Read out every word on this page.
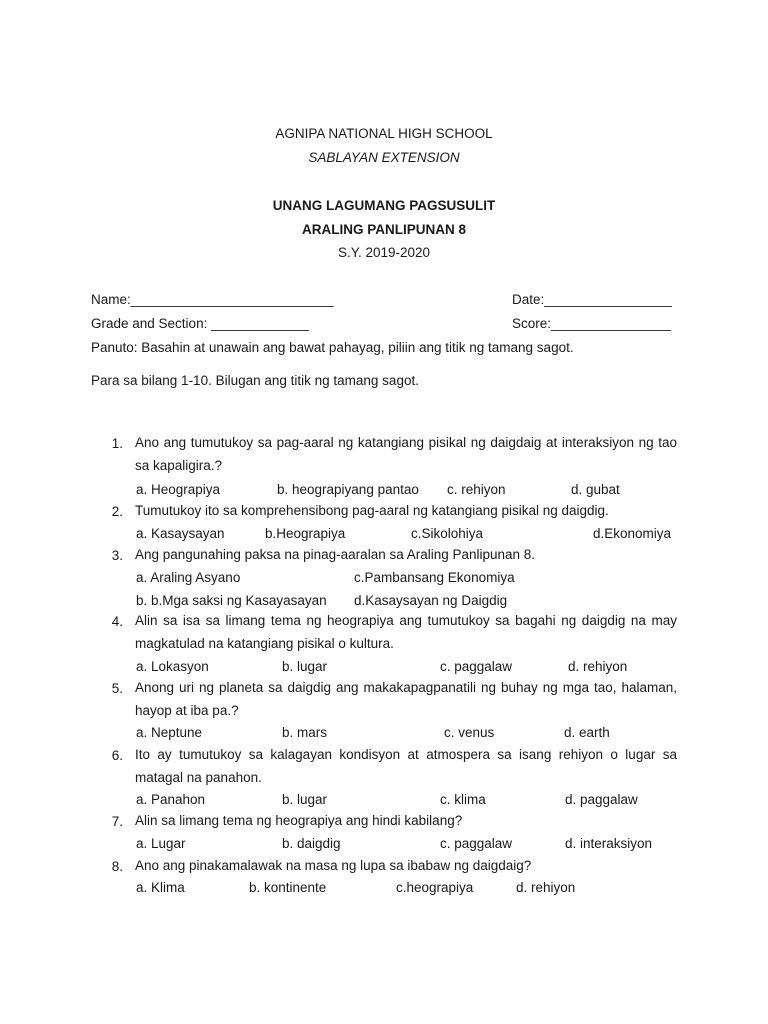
AGNIPA NATIONAL HIGH SCHOOL
SABLAYAN EXTENSION
UNANG LAGUMANG PAGSUSULIT
ARALING PANLIPUNAN 8
S.Y. 2019-2020
Name:___________________________	Date:_________________
Grade and Section: _____________	Score:________________
Panuto: Basahin at unawain ang bawat pahayag, piliin ang titik ng tamang sagot.
Para sa bilang 1-10. Bilugan ang titik ng tamang sagot.
1. Ano ang tumutukoy sa pag-aaral ng katangiang pisikal ng daigdaig at interaksiyon ng tao sa kapaligira.?
a. Heograpiya	b. heograpiyang pantao c. rehiyon	d. gubat
2. Tumutukoy ito sa komprehensibong pag-aaral ng katangiang pisikal ng daigdig.
a. Kasaysayan	b.Heograpiya	c.Sikolohiya	d.Ekonomiya
3. Ang pangunahing paksa na pinag-aaralan sa Araling Panlipunan 8.
a. Araling Asyano	c.Pambansang Ekonomiya
b. b.Mga saksi ng Kasayasayan d.Kasaysayan ng Daigdig
4. Alin sa isa sa limang tema ng heograpiya ang tumutukoy sa bagahi ng daigdig na may magkatulad na katangiang pisikal o kultura.
a. Lokasyon	b. lugar	c. paggalaw	d. rehiyon
5. Anong uri ng planeta sa daigdig ang makakapagpanatili ng buhay ng mga tao, halaman, hayop at iba pa.?
a. Neptune	b. mars	c. venus	d. earth
6. Ito ay tumutukoy sa kalagayan kondisyon at atmospera sa isang rehiyon o lugar sa matagal na panahon.
a. Panahon	b. lugar	c. klima	d. paggalaw
7. Alin sa limang tema ng heograpiya ang hindi kabilang?
a. Lugar	b. daigdig	c. paggalaw	d. interaksiyon
8. Ano ang pinakamalawak na masa ng lupa sa ibabaw ng daigdaig?
a. Klima	b. kontinente	c.heograpiya	d. rehiyon
